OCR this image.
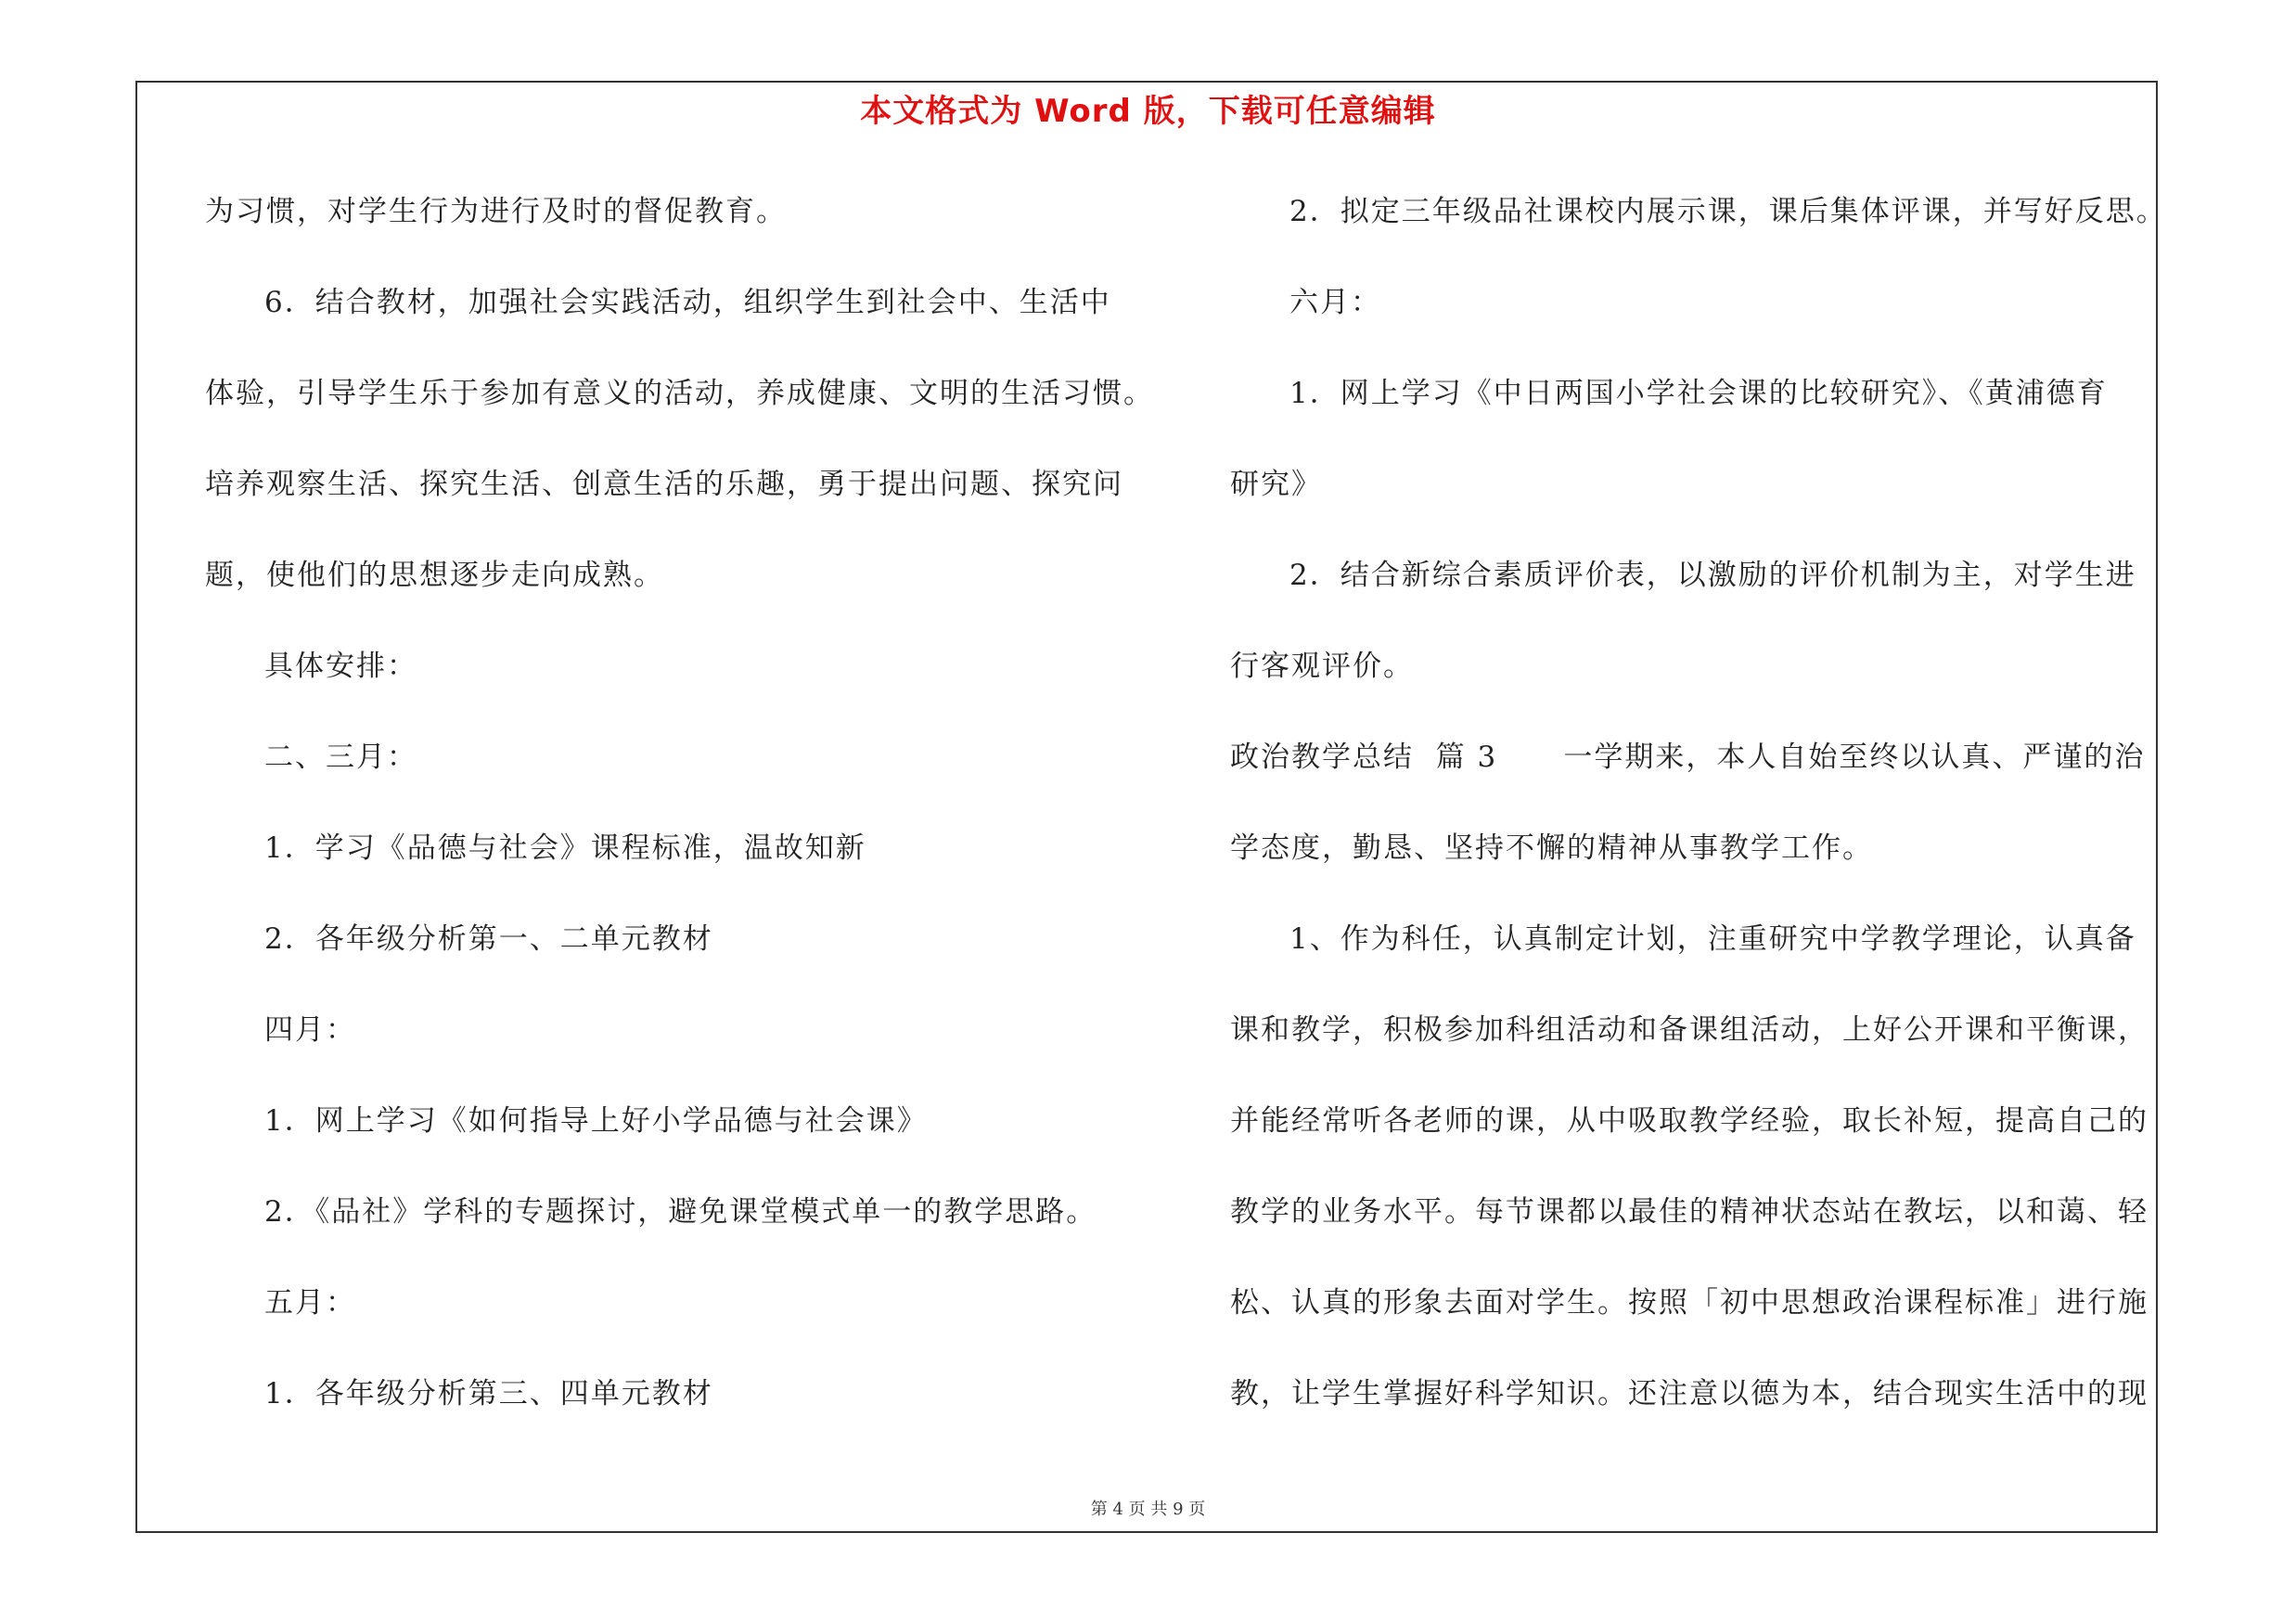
本文格式为 Word 版，下载可任意编辑

为习惯，对学生行为进行及时的督促教育。

6．结合教材，加强社会实践活动，组织学生到社会中、生活中

体验，引导学生乐于参加有意义的活动，养成健康、文明的生活习惯。

培养观察生活、探究生活、创意生活的乐趣，勇于提出问题、探究问

题，使他们的思想逐步走向成熟。

具体安排：

二、三月：

1．学习《品德与社会》课程标准，温故知新

2．各年级分析第一、二单元教材

四月：

1．网上学习《如何指导上好小学品德与社会课》

2．《品社》学科的专题探讨，避免课堂模式单一的教学思路。

五月：

1．各年级分析第三、四单元教材

2．拟定三年级品社课校内展示课，课后集体评课，并写好反思。

六月：

1．网上学习《中日两国小学社会课的比较研究》、《黄浦德育

研究》

2．结合新综合素质评价表，以激励的评价机制为主，对学生进

行客观评价。

政治教学总结  篇 3      一学期来，本人自始至终以认真、严谨的治

学态度，勤恳、坚持不懈的精神从事教学工作。

1、作为科任，认真制定计划，注重研究中学教学理论，认真备

课和教学，积极参加科组活动和备课组活动，上好公开课和平衡课，

并能经常听各老师的课，从中吸取教学经验，取长补短，提高自己的

教学的业务水平。每节课都以最佳的精神状态站在教坛，以和蔼、轻

松、认真的形象去面对学生。按照「初中思想政治课程标准」进行施

教，让学生掌握好科学知识。还注意以德为本，结合现实生活中的现

第 4 页 共 9 页
